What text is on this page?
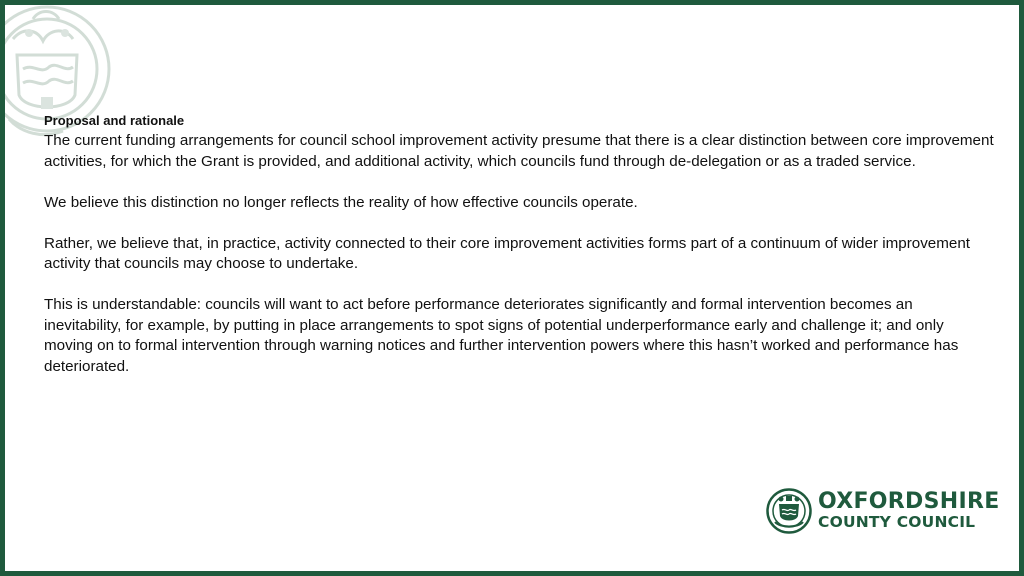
Proposal and rationale

The current funding arrangements for council school improvement activity presume that there is a clear distinction between core improvement activities, for which the Grant is provided, and additional activity, which councils fund through de-delegation or as a traded service.

We believe this distinction no longer reflects the reality of how effective councils operate.

Rather, we believe that, in practice, activity connected to their core improvement activities forms part of a continuum of wider improvement activity that councils may choose to undertake.

This is understandable: councils will want to act before performance deteriorates significantly and formal intervention becomes an inevitability, for example, by putting in place arrangements to spot signs of potential underperformance early and challenge it; and only moving on to formal intervention through warning notices and further intervention powers where this hasn’t worked and performance has deteriorated.

OXFORDSHIRE
COUNTY COUNCIL
